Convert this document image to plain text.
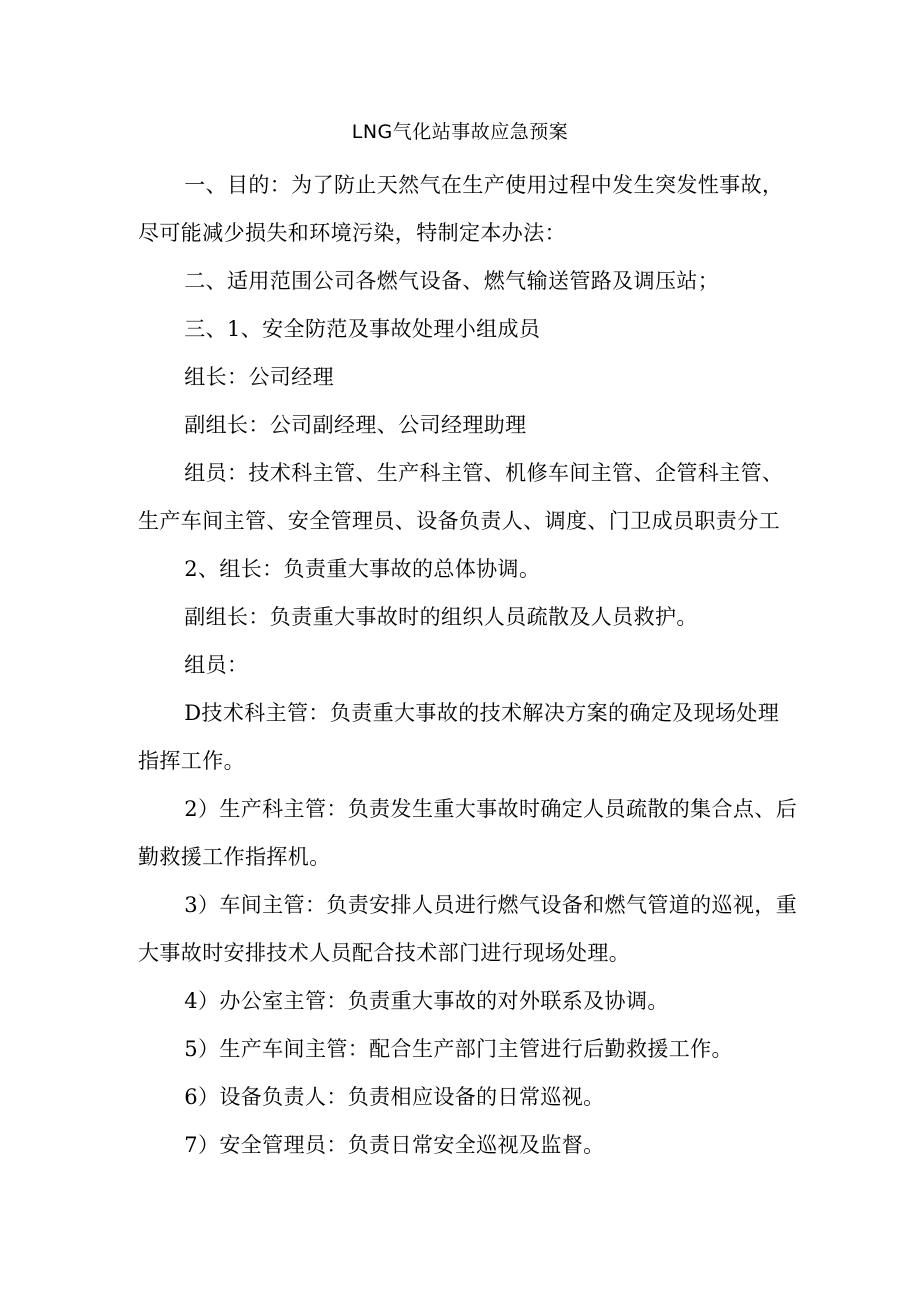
LNG气化站事故应急预案

一、目的：为了防止天然气在生产使用过程中发生突发性事故，尽可能减少损失和环境污染，特制定本办法：

二、适用范围公司各燃气设备、燃气输送管路及调压站；

三、1、安全防范及事故处理小组成员

组长：公司经理

副组长：公司副经理、公司经理助理

组员：技术科主管、生产科主管、机修车间主管、企管科主管、生产车间主管、安全管理员、设备负责人、调度、门卫成员职责分工

2、组长：负责重大事故的总体协调。

副组长：负责重大事故时的组织人员疏散及人员救护。

组员：

D技术科主管：负责重大事故的技术解决方案的确定及现场处理指挥工作。

2）生产科主管：负责发生重大事故时确定人员疏散的集合点、后勤救援工作指挥机。

3）车间主管：负责安排人员进行燃气设备和燃气管道的巡视，重大事故时安排技术人员配合技术部门进行现场处理。

4）办公室主管：负责重大事故的对外联系及协调。

5）生产车间主管：配合生产部门主管进行后勤救援工作。

6）设备负责人：负责相应设备的日常巡视。

7）安全管理员：负责日常安全巡视及监督。
